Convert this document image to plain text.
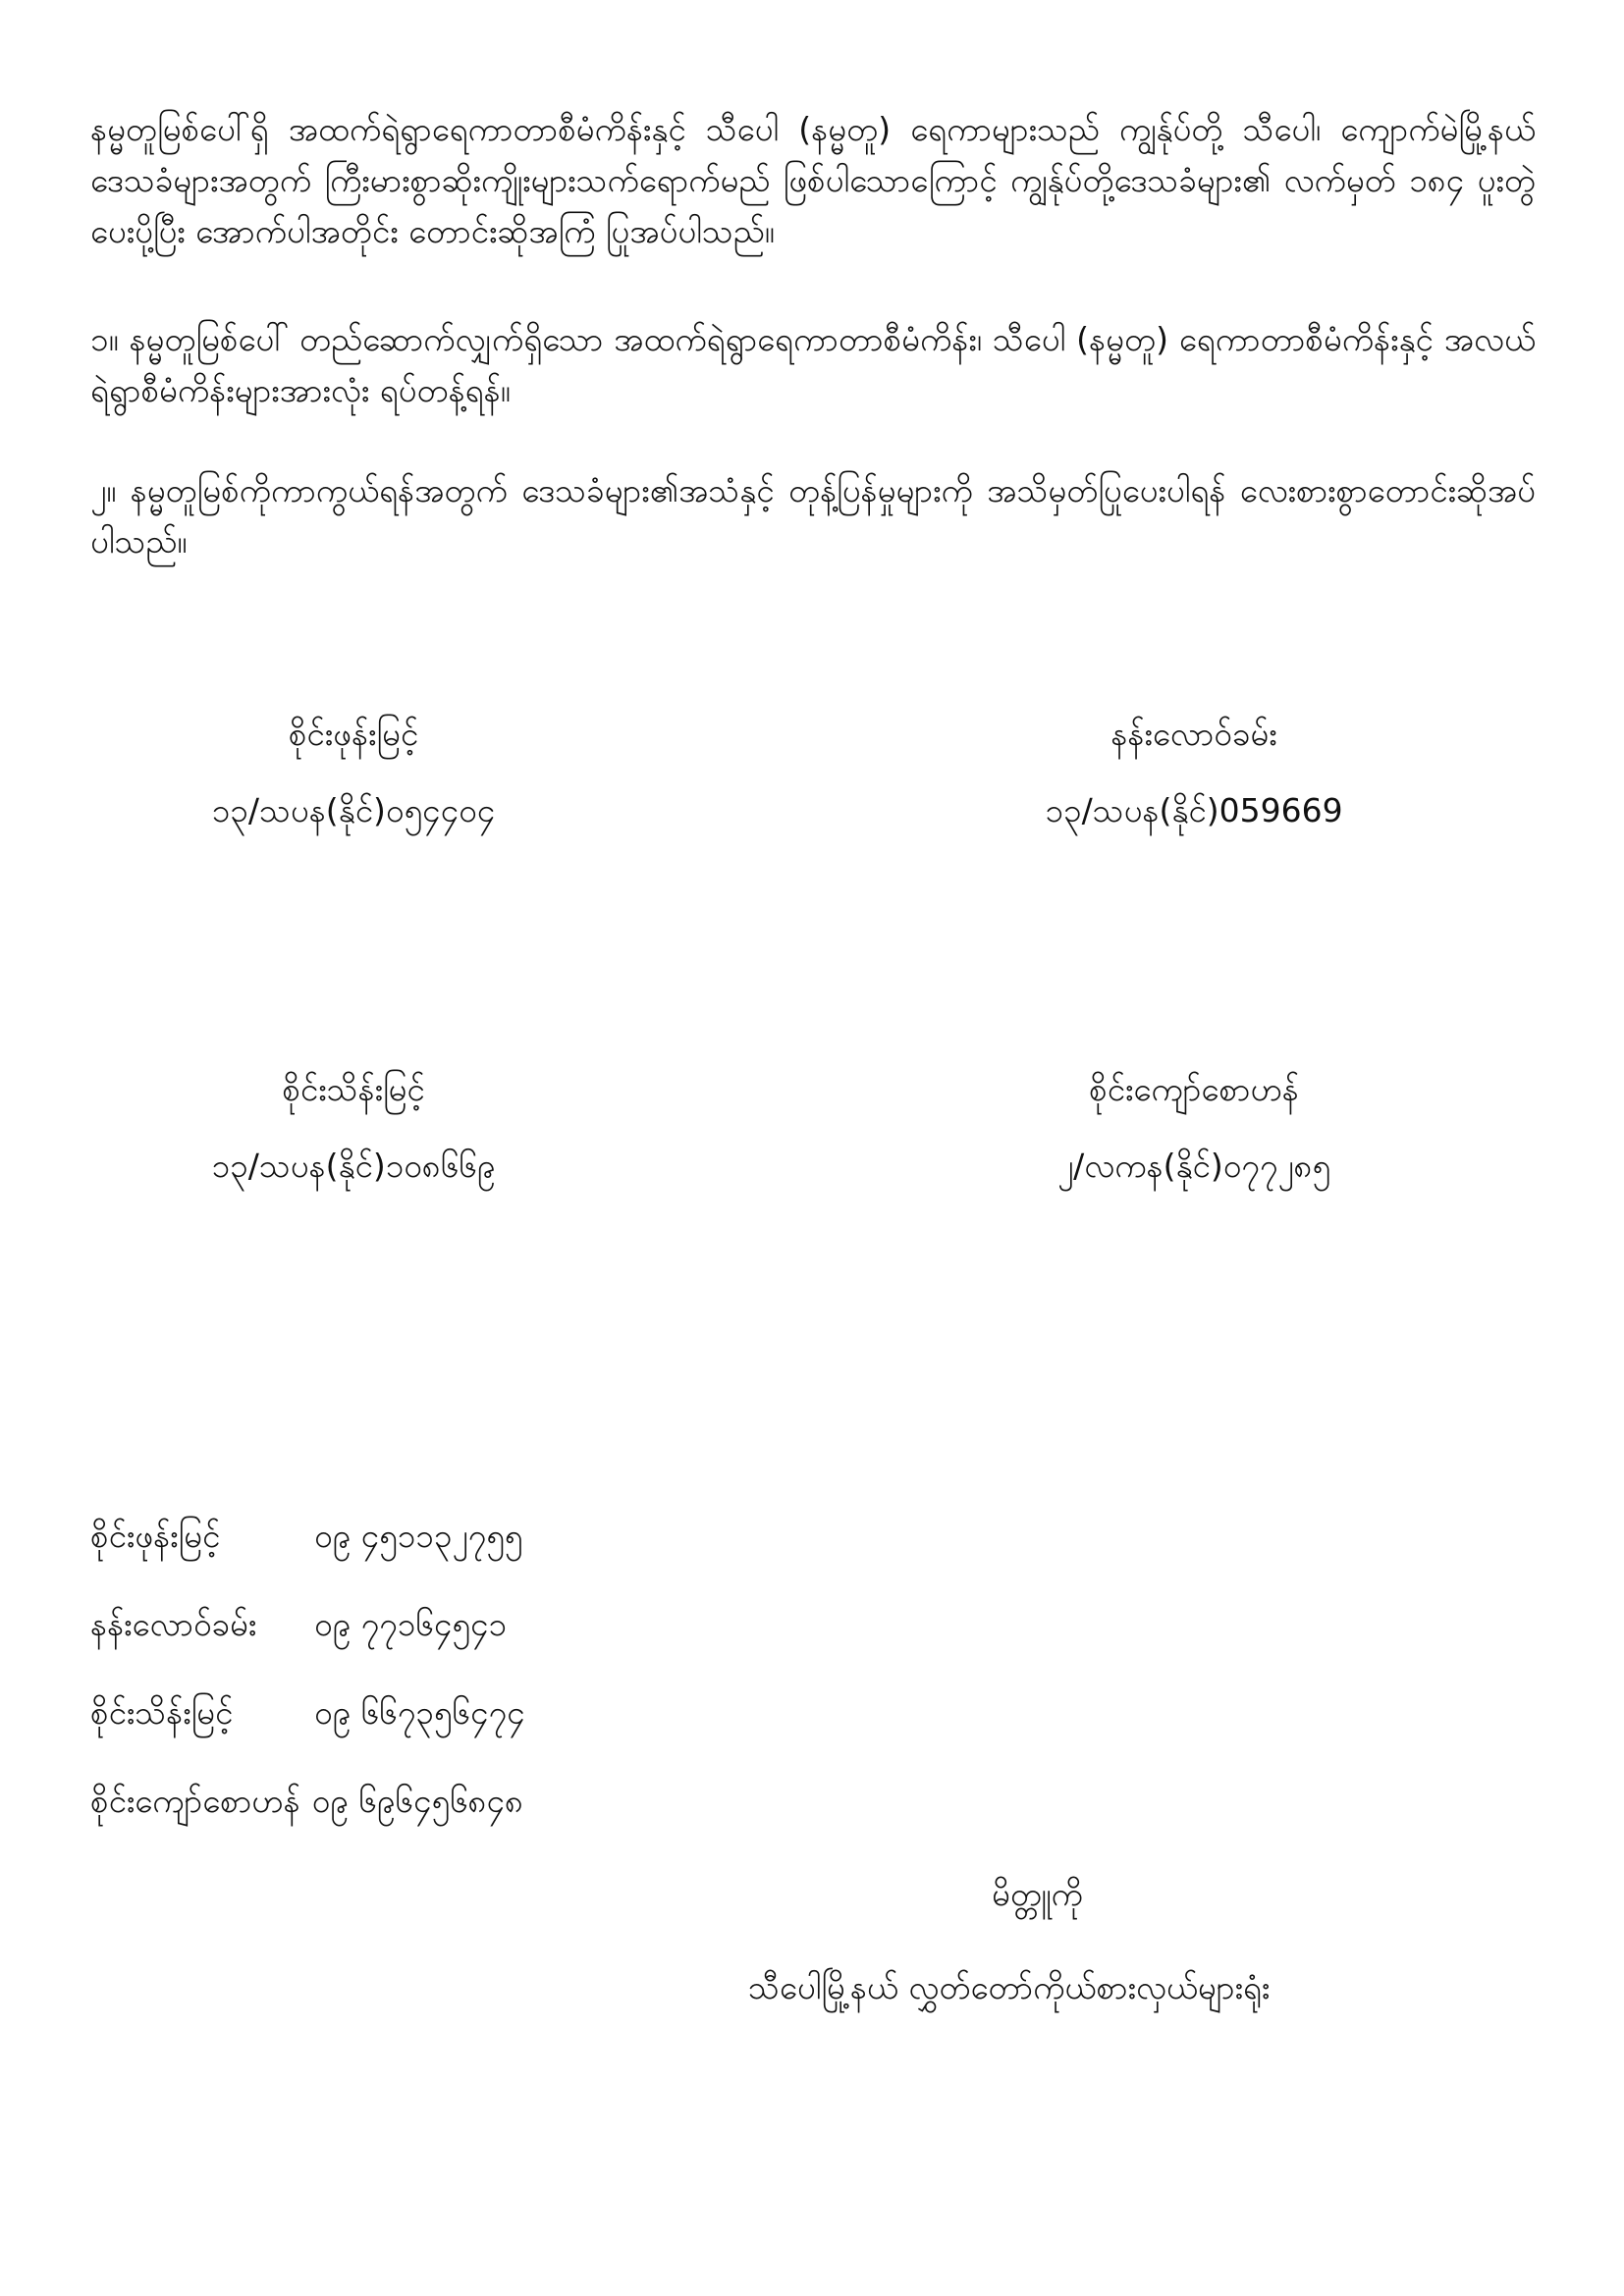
နမ္မတူမြစ်ပေါ်ရှိ အထက်ရဲရွာရေကာတာစီမံကိန်းနှင့် သီပေါ (နမ္မတူ) ရေကာများသည် ကျွန်ုပ်တို့ သီပေါ၊ ကျောက်မဲမြို့နယ် ဒေသခံများအတွက် ကြီးမားစွာဆိုးကျိုးများသက်ရောက်မည် ဖြစ်ပါသောကြောင့် ကျွန်ုပ်တို့ဒေသခံများ၏ လက်မှတ် ၁၈၄ ပူးတွဲပေးပို့ပြီး အောက်ပါအတိုင်း တောင်းဆိုအကြံ ပြုအပ်ပါသည်။

၁။ နမ္မတူမြစ်ပေါ် တည်ဆောက်လျှက်ရှိသော အထက်ရဲရွာရေကာတာစီမံကိန်း၊ သီပေါ (နမ္မတူ) ရေကာတာစီမံကိန်းနှင့် အလယ်ရဲရွာစီမံကိန်းများအားလုံး ရပ်တန့်ရန်။

၂။ နမ္မတူမြစ်ကိုကာကွယ်ရန်အတွက် ဒေသခံများ၏အသံနှင့် တုန့်ပြန်မှုများကို အသိမှတ်ပြုပေးပါရန် လေးစားစွာတောင်းဆိုအပ်ပါသည်။

စိုင်းဖုန်းမြင့်
၁၃/သပန(နိုင်)၀၅၄၄၀၄
နန်းလောဝ်ခမ်း
၁၃/သပန(နိုင်)059669
စိုင်းသိန်းမြင့်
၁၃/သပန(နိုင်)၁၀၈၆၆၉
စိုင်းကျော်စောဟန်
၂/လကန(နိုင်)၀၇၇၂၈၅
စိုင်းဖုန်းမြင့်	၀၉ ၄၅၁၁၃၂၇၅၅
နန်းလောဝ်ခမ်း ၀၉ ၇၇၁၆၄၅၄၁
စိုင်းသိန်းမြင့်	၀၉ ၆၆၇၃၅၆၄၇၄
စိုင်းကျော်စောဟန် ၀၉ ၆၉၆၄၅၆၈၄၈
မိတ္တူကို
သီပေါမြို့နယ် လွှတ်တော်ကိုယ်စားလှယ်များရုံး
